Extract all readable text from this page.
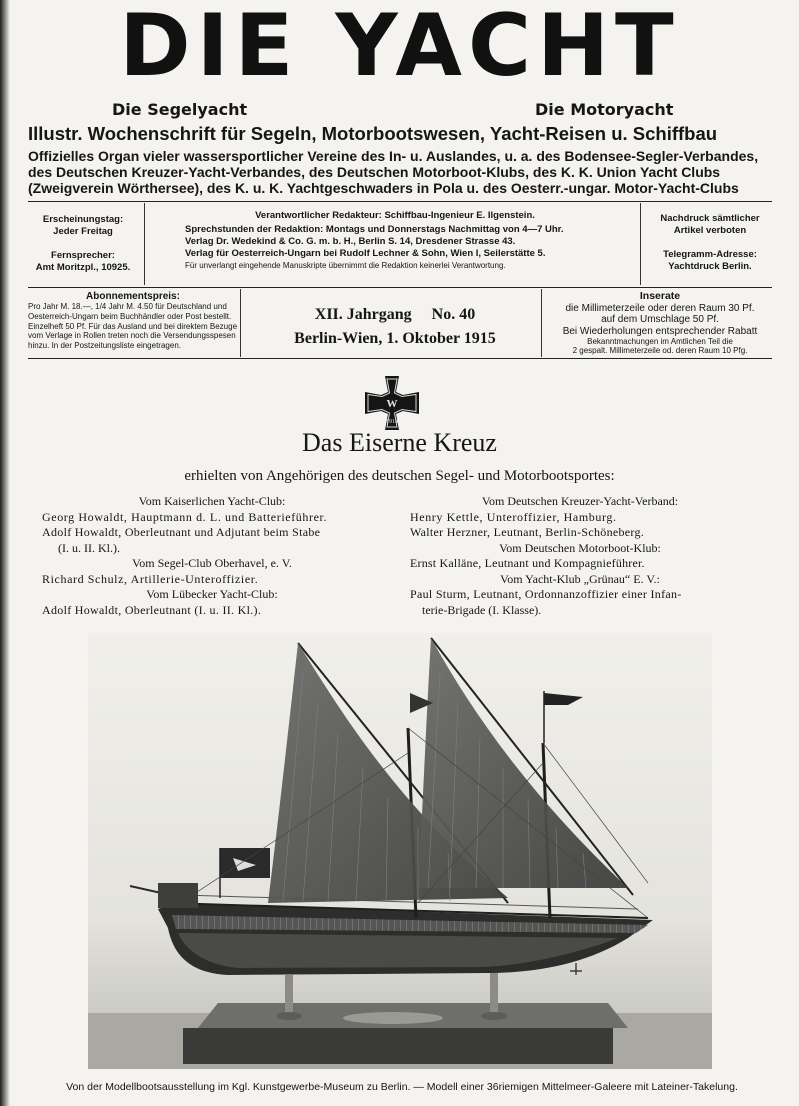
DIE YACHT
Die Segelyacht	Die Motoryacht
Illustr. Wochenschrift für Segeln, Motorbootswesen, Yacht-Reisen u. Schiffbau
Offizielles Organ vieler wassersportlicher Vereine des In- u. Auslandes, u. a. des Bodensee-Segler-Verbandes,
des Deutschen Kreuzer-Yacht-Verbandes, des Deutschen Motorboot-Klubs, des K. K. Union Yacht Clubs
(Zweigverein Wörthersee), des K. u. K. Yachtgeschwaders in Pola u. des Oesterr.-ungar. Motor-Yacht-Clubs
Erscheinungstag:
Jeder Freitag
Fernsprecher:
Amt Moritzpl., 10925.
Verantwortlicher Redakteur: Schiffbau-Ingenieur E. Ilgenstein.
Sprechstunden der Redaktion: Montags und Donnerstags Nachmittag von 4—7 Uhr.
Verlag Dr. Wedekind & Co. G. m. b. H., Berlin S. 14, Dresdener Strasse 43.
Verlag für Oesterreich-Ungarn bei Rudolf Lechner & Sohn, Wien I, Seilerstätte 5.
Für unverlangt eingehende Manuskripte übernimmt die Redaktion keinerlei Verantwortung.
Nachdruck sämtlicher
Artikel verboten
Telegramm-Adresse:
Yachtdruck Berlin.
Abonnementspreis:
Pro Jahr M. 18.—, 1/4 Jahr M. 4.50 für Deutschland und Oesterreich-Ungarn beim Buchhändler oder Post bestellt. Einzelheft 50 Pf. Für das Ausland und bei direktem Bezuge vom Verlage in Rollen treten noch die Versendungsspesen hinzu. In der Postzeitungsliste eingetragen.
XII. Jahrgang     No. 40
Berlin-Wien, 1. Oktober 1915
Inserate
die Millimeterzeile oder deren Raum 30 Pf.
auf dem Umschlage 50 Pf.
Bei Wiederholungen entsprechender Rabatt
Bekanntmachungen im Amtlichen Teil die
2 gespalt. Millimeterzeile od. deren Raum 10 Pfg.
W
1914
Das Eiserne Kreuz
erhielten von Angehörigen des deutschen Segel- und Motorbootsportes:
Vom Kaiserlichen Yacht-Club:
Georg Howaldt, Hauptmann d. L. und Batterieführer.
Adolf Howaldt, Oberleutnant und Adjutant beim Stabe
(I. u. II. Kl.).
Vom Segel-Club Oberhavel, e. V.
Richard Schulz, Artillerie-Unteroffizier.
Vom Lübecker Yacht-Club:
Adolf Howaldt, Oberleutnant (I. u. II. Kl.).
Vom Deutschen Kreuzer-Yacht-Verband:
Henry Kettle, Unteroffizier, Hamburg.
Walter Herzner, Leutnant, Berlin-Schöneberg.
Vom Deutschen Motorboot-Klub:
Ernst Kalläne, Leutnant und Kompagnieführer.
Vom Yacht-Klub „Grünau“ E. V.:
Paul Sturm, Leutnant, Ordonnanzoffizier einer Infan-
terie-Brigade (I. Klasse).
Von der Modellbootsausstellung im Kgl. Kunstgewerbe-Museum zu Berlin. — Modell einer 36riemigen Mittelmeer-Galeere mit Lateiner-Takelung.
